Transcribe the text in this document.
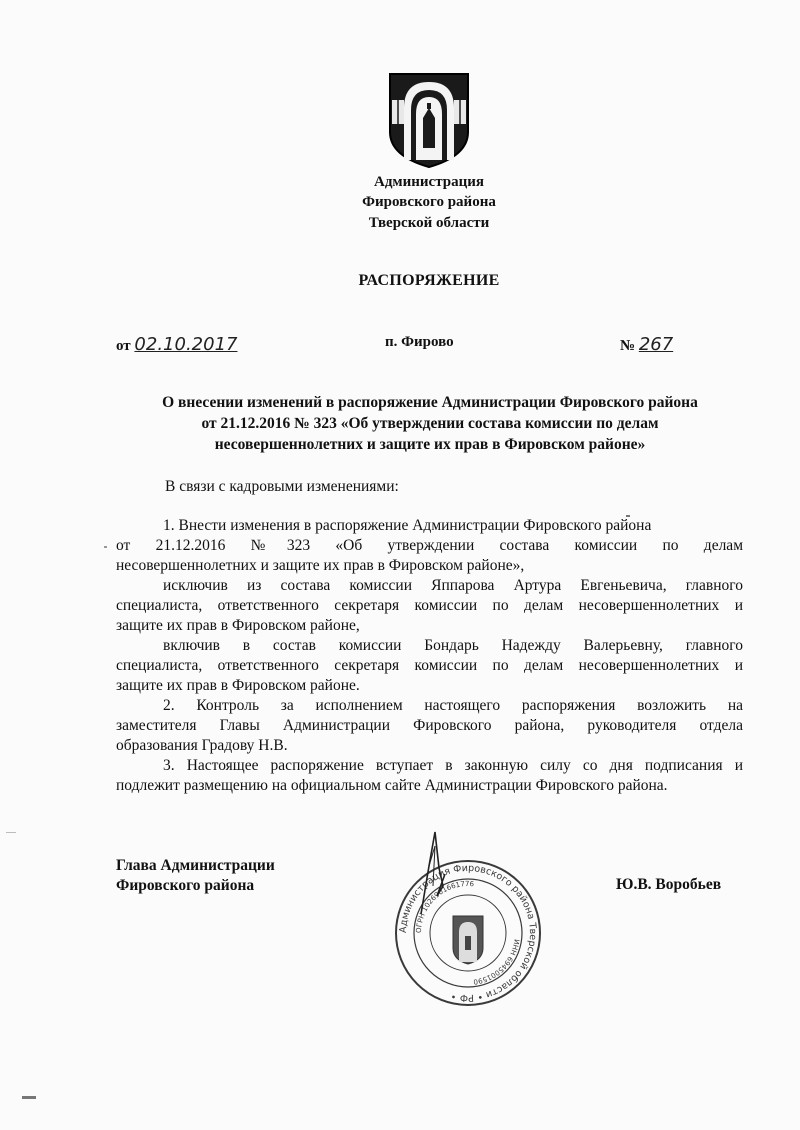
Администрация
Фировского района
Тверской области
РАСПОРЯЖЕНИЕ
от 02.10.2017	п. Фирово	№ 267
О внесении изменений в распоряжение Администрации Фировского района
от 21.12.2016 № 323 «Об утверждении состава комиссии по делам
несовершеннолетних и защите их прав в Фировском районе»
В связи с кадровыми изменениями:
1. Внести изменения в распоряжение Администрации Фировского района
от 21.12.2016 №323 «Об утверждении состава комиссии по делам
несовершеннолетних и защите их прав в Фировском районе»,
исключив из состава комиссии Яппарова Артура Евгеньевича, главного
специалиста, ответственного секретаря комиссии по делам несовершеннолетних и
защите их прав в Фировском районе,
включив в состав комиссии Бондарь Надежду Валерьевну, главного
специалиста, ответственного секретаря комиссии по делам несовершеннолетних и
защите их прав в Фировском районе.
2. Контроль за исполнением настоящего распоряжения возложить на
заместителя Главы Администрации Фировского района, руководителя отдела
образования Градову Н.В.
3. Настоящее распоряжение вступает в законную силу со дня подписания и
подлежит размещению на официальном сайте Администрации Фировского района.
Глава Администрации
Фировского района	Ю.В. Воробьев
Администрация Фировского района Тверской области • РФ •
ОГРН 1026901661776
ИНН 6945001590
